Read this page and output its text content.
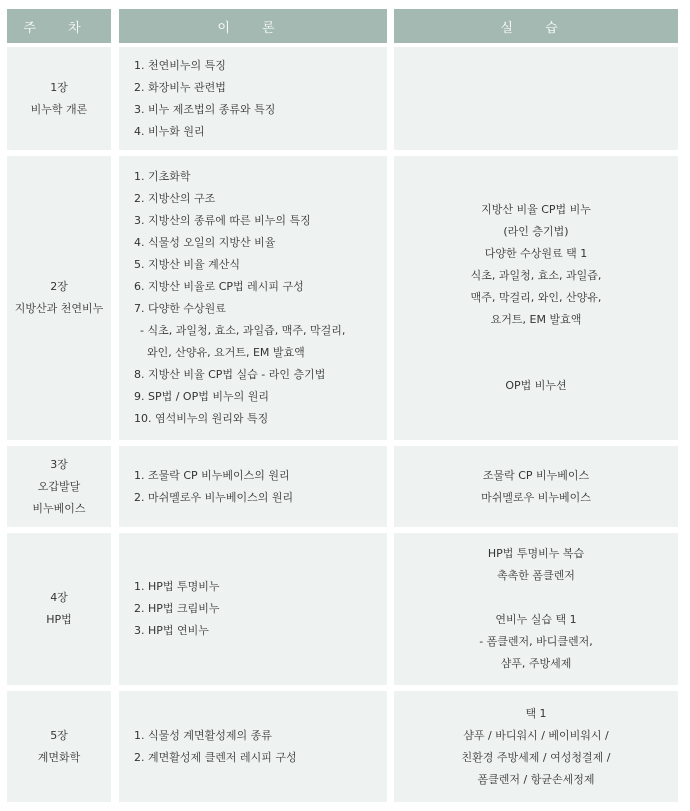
주 차	이 론	실 습
1장
비누학 개론
1. 천연비누의 특징
2. 화장비누 관련법
3. 비누 제조법의 종류와 특징
4. 비누화 원리
2장
지방산과 천연비누
1. 기초화학
2. 지방산의 구조
3. 지방산의 종류에 따른 비누의 특징
4. 식물성 오일의 지방산 비율
5. 지방산 비율 계산식
6. 지방산 비율로 CP법 레시피 구성
7. 다양한 수상원료
- 식초, 과일청, 효소, 과일즙, 맥주, 막걸리,
와인, 산양유, 요거트, EM 발효액
8. 지방산 비율 CP법 실습 - 라인 층기법
9. SP법 / OP법 비누의 원리
10. 염석비누의 원리와 특징
지방산 비율 CP법 비누
(라인 층기법)
다양한 수상원료 택 1
식초, 과일청, 효소, 과일즙,
맥주, 막걸리, 와인, 산양유,
요거트, EM 발효액
OP법 비누션
3장
오갑발달
비누베이스
1. 조물락 CP 비누베이스의 원리
2. 마쉬멜로우 비누베이스의 원리
조물락 CP 비누베이스
마쉬멜로우 비누베이스
4장
HP법
1. HP법 투명비누
2. HP법 크림비누
3. HP법 연비누
HP법 투명비누 복습
촉촉한 폼클렌저
연비누 실습 택 1
- 폼클렌저, 바디클렌저,
샴푸, 주방세제
5장
계면화학
1. 식물성 계면활성제의 종류
2. 계면활성제 클렌저 레시피 구성
택 1
샴푸 / 바디워시 / 베이비워시 /
친환경 주방세제 / 여성청결제 /
폼클렌저 / 항균손세정제
